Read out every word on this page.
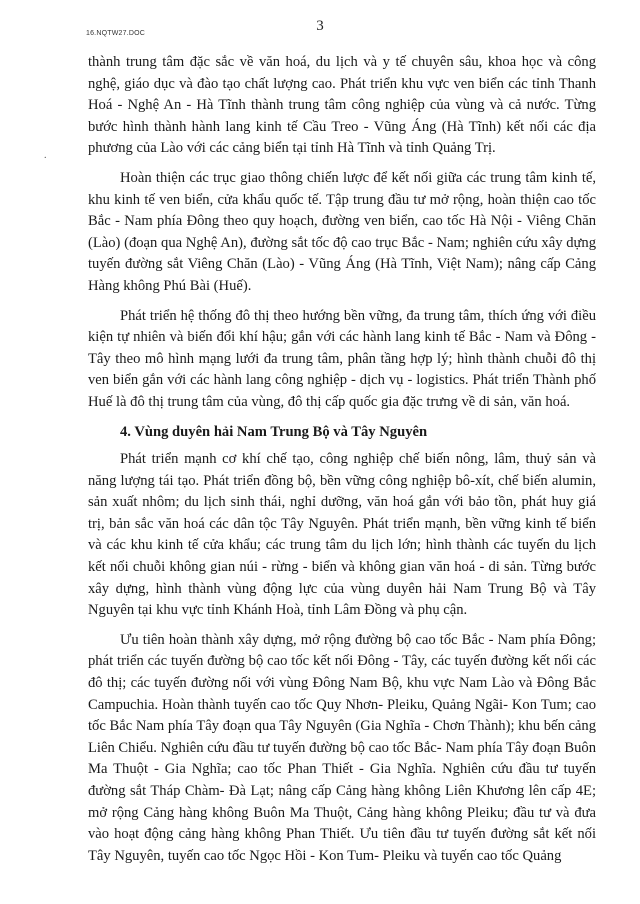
16.NQTW27.DOC	3
.

thành trung tâm đặc sắc về văn hoá, du lịch và y tế chuyên sâu, khoa học và công nghệ, giáo dục và đào tạo chất lượng cao. Phát triển khu vực ven biển các tỉnh Thanh Hoá - Nghệ An - Hà Tĩnh thành trung tâm công nghiệp của vùng và cả nước. Từng bước hình thành hành lang kinh tế Cầu Treo - Vũng Áng (Hà Tĩnh) kết nối các địa phương của Lào với các cảng biển tại tỉnh Hà Tĩnh và tỉnh Quảng Trị.

Hoàn thiện các trục giao thông chiến lược để kết nối giữa các trung tâm kinh tế, khu kinh tế ven biển, cửa khẩu quốc tế. Tập trung đầu tư mở rộng, hoàn thiện cao tốc Bắc - Nam phía Đông theo quy hoạch, đường ven biển, cao tốc Hà Nội - Viêng Chăn (Lào) (đoạn qua Nghệ An), đường sắt tốc độ cao trục Bắc - Nam; nghiên cứu xây dựng tuyến đường sắt Viêng Chăn (Lào) - Vũng Áng (Hà Tĩnh, Việt Nam); nâng cấp Cảng Hàng không Phú Bài (Huế).

Phát triển hệ thống đô thị theo hướng bền vững, đa trung tâm, thích ứng với điều kiện tự nhiên và biến đổi khí hậu; gắn với các hành lang kinh tế Bắc - Nam và Đông - Tây theo mô hình mạng lưới đa trung tâm, phân tầng hợp lý; hình thành chuỗi đô thị ven biển gắn với các hành lang công nghiệp - dịch vụ - logistics. Phát triển Thành phố Huế là đô thị trung tâm của vùng, đô thị cấp quốc gia đặc trưng về di sản, văn hoá.

4. Vùng duyên hải Nam Trung Bộ và Tây Nguyên

Phát triển mạnh cơ khí chế tạo, công nghiệp chế biến nông, lâm, thuỷ sản và năng lượng tái tạo. Phát triển đồng bộ, bền vững công nghiệp bô-xít, chế biến alumin, sản xuất nhôm; du lịch sinh thái, nghỉ dưỡng, văn hoá gắn với bảo tồn, phát huy giá trị, bản sắc văn hoá các dân tộc Tây Nguyên. Phát triển mạnh, bền vững kinh tế biển và các khu kinh tế cửa khẩu; các trung tâm du lịch lớn; hình thành các tuyến du lịch kết nối chuỗi không gian núi - rừng - biển và không gian văn hoá - di sản. Từng bước xây dựng, hình thành vùng động lực của vùng duyên hải Nam Trung Bộ và Tây Nguyên tại khu vực tỉnh Khánh Hoà, tỉnh Lâm Đồng và phụ cận.

Ưu tiên hoàn thành xây dựng, mở rộng đường bộ cao tốc Bắc - Nam phía Đông; phát triển các tuyến đường bộ cao tốc kết nối Đông - Tây, các tuyến đường kết nối các đô thị; các tuyến đường nối với vùng Đông Nam Bộ, khu vực Nam Lào và Đông Bắc Campuchia. Hoàn thành tuyến cao tốc Quy Nhơn- Pleiku, Quảng Ngãi- Kon Tum; cao tốc Bắc Nam phía Tây đoạn qua Tây Nguyên (Gia Nghĩa - Chơn Thành); khu bến cảng Liên Chiểu. Nghiên cứu đầu tư tuyến đường bộ cao tốc Bắc- Nam phía Tây đoạn Buôn Ma Thuột - Gia Nghĩa; cao tốc Phan Thiết - Gia Nghĩa. Nghiên cứu đầu tư tuyến đường sắt Tháp Chàm- Đà Lạt; nâng cấp Cảng hàng không Liên Khương lên cấp 4E; mở rộng Cảng hàng không Buôn Ma Thuột, Cảng hàng không Pleiku; đầu tư và đưa vào hoạt động cảng hàng không Phan Thiết. Ưu tiên đầu tư tuyến đường sắt kết nối Tây Nguyên, tuyến cao tốc Ngọc Hồi - Kon Tum- Pleiku và tuyến cao tốc Quảng
